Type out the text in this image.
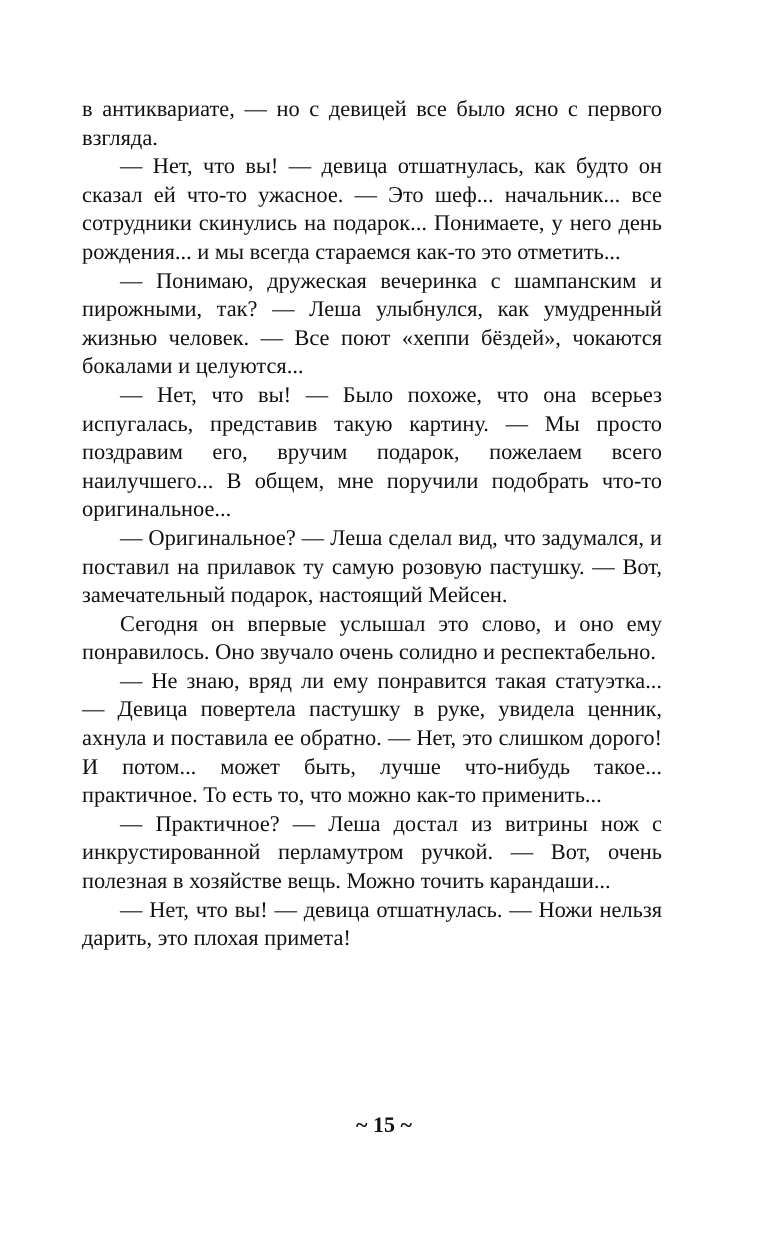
в антиквариате, — но с девицей все было ясно с первого взгляда.

— Нет, что вы! — девица отшатнулась, как будто он сказал ей что-то ужасное. — Это шеф... начальник... все сотрудники скинулись на подарок... Понимаете, у него день рождения... и мы всегда стараемся как-то это отметить...

— Понимаю, дружеская вечеринка с шампанским и пирожными, так? — Леша улыбнулся, как умудренный жизнью человек. — Все поют «хеппи бёздей», чокаются бокалами и целуются...

— Нет, что вы! — Было похоже, что она всерьез испугалась, представив такую картину. — Мы просто поздравим его, вручим подарок, пожелаем всего наилучшего... В общем, мне поручили подобрать что-то оригинальное...

— Оригинальное? — Леша сделал вид, что задумался, и поставил на прилавок ту самую розовую пастушку. — Вот, замечательный подарок, настоящий Мейсен.

Сегодня он впервые услышал это слово, и оно ему понравилось. Оно звучало очень солидно и респектабельно.

— Не знаю, вряд ли ему понравится такая статуэтка... — Девица повертела пастушку в руке, увидела ценник, ахнула и поставила ее обратно. — Нет, это слишком дорого! И потом... может быть, лучше что-нибудь такое... практичное. То есть то, что можно как-то применить...

— Практичное? — Леша достал из витрины нож с инкрустированной перламутром ручкой. — Вот, очень полезная в хозяйстве вещь. Можно точить карандаши...

— Нет, что вы! — девица отшатнулась. — Ножи нельзя дарить, это плохая примета!

~ 15 ~
